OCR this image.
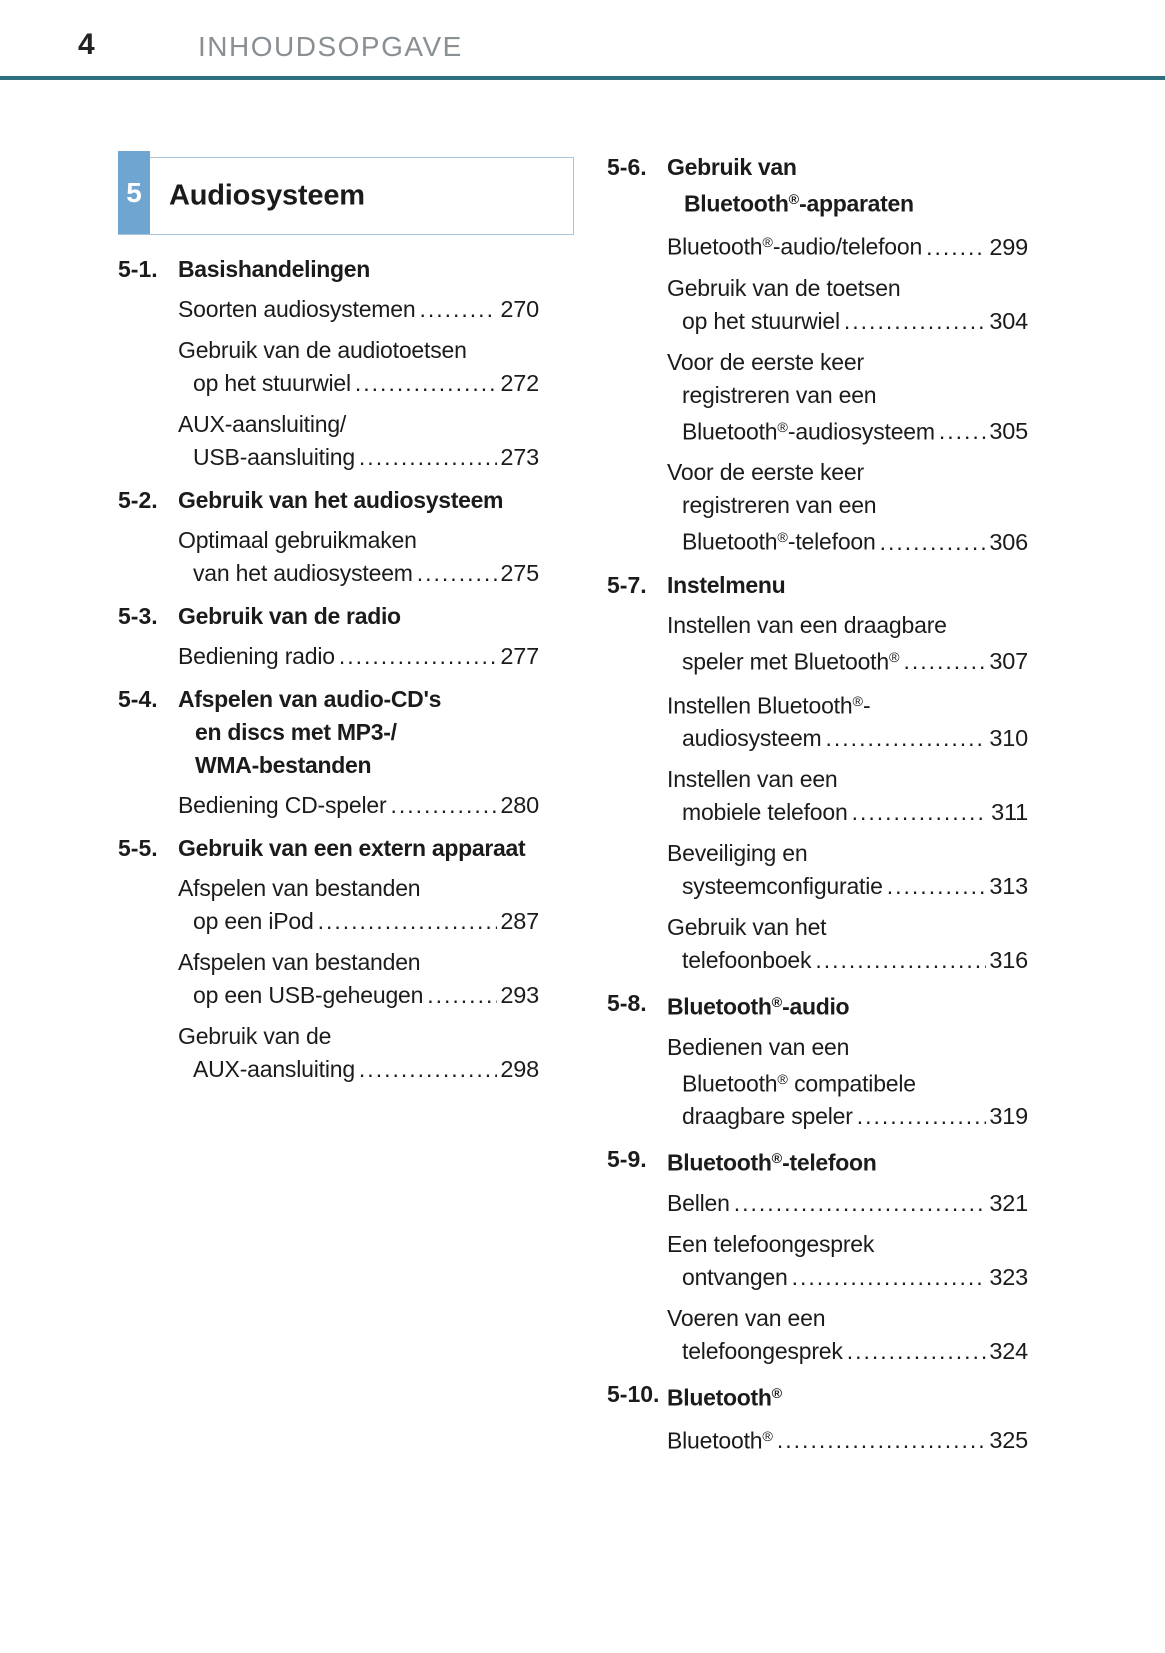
4	INHOUDSOPGAVE
5 Audiosysteem
5-1. Basishandelingen
Soorten audiosystemen .....	270
Gebruik van de audiotoetsen
op het stuurwiel .....	272
AUX-aansluiting/
USB-aansluiting .....	273
5-2. Gebruik van het audiosysteem
Optimaal gebruikmaken
van het audiosysteem .....	275
5-3. Gebruik van de radio
Bediening radio .....	277
5-4. Afspelen van audio-CD's
en discs met MP3-/
WMA-bestanden
Bediening CD-speler .....	280
5-5. Gebruik van een extern apparaat
Afspelen van bestanden
op een iPod .....	287
Afspelen van bestanden
op een USB-geheugen .....	293
Gebruik van de
AUX-aansluiting .....	298
5-6. Gebruik van
Bluetooth®-apparaten
Bluetooth®-audio/telefoon .....	299
Gebruik van de toetsen
op het stuurwiel .....	304
Voor de eerste keer
registreren van een
Bluetooth®-audiosysteem ..... 305
Voor de eerste keer
registreren van een
Bluetooth®-telefoon .....	306
5-7. Instelmenu
Instellen van een draagbare
speler met Bluetooth® .....	307
Instellen Bluetooth®-
audiosysteem .....	310
Instellen van een
mobiele telefoon .....	311
Beveiliging en
systeemconfiguratie .....	313
Gebruik van het
telefoonboek .....	316
5-8. Bluetooth®-audio
Bedienen van een
Bluetooth® compatibele
draagbare speler .....	319
5-9. Bluetooth®-telefoon
Bellen .....	321
Een telefoongesprek
ontvangen .....	323
Voeren van een
telefoongesprek .....	324
5-10. Bluetooth®
Bluetooth® .....	325
